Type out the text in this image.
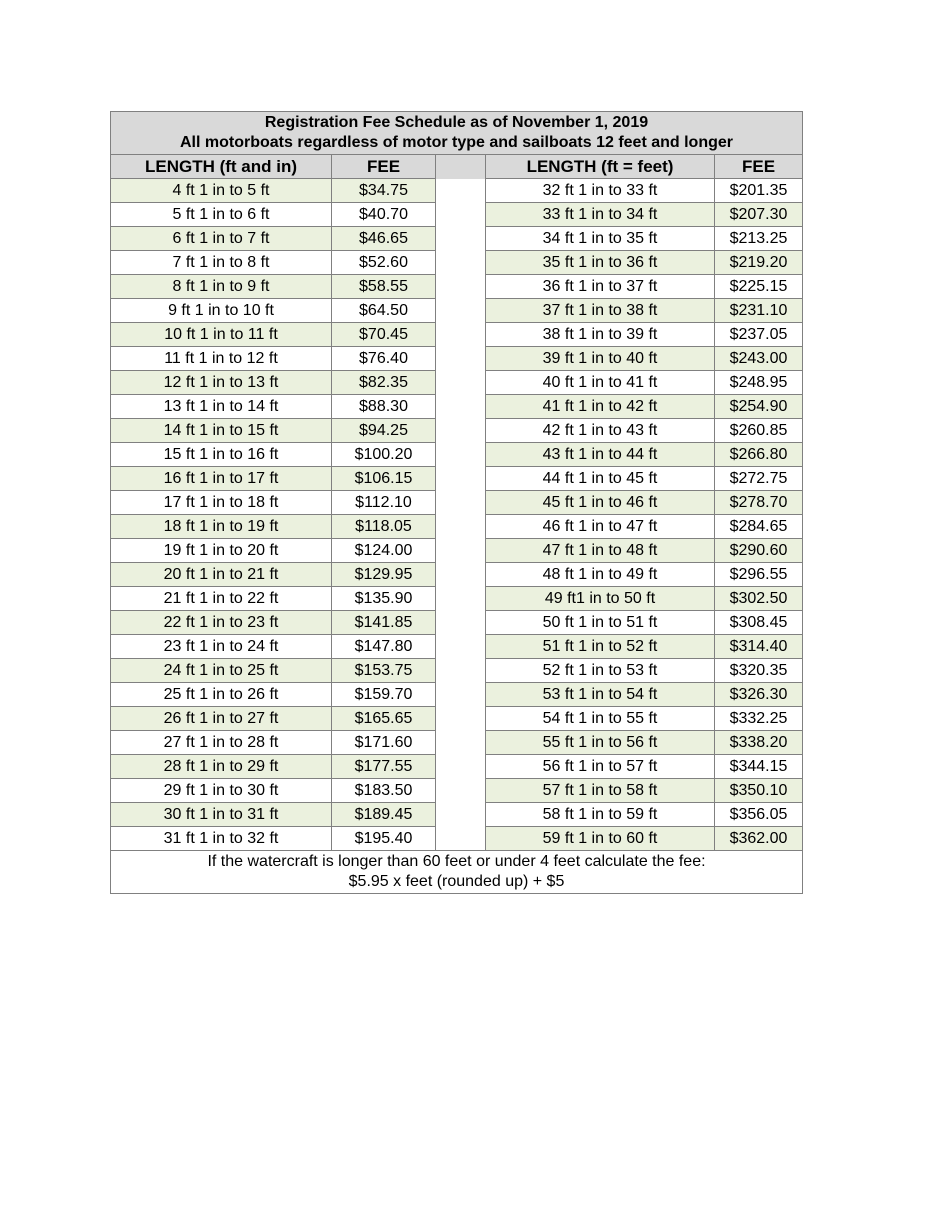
Registration Fee Schedule as of November 1, 2019
All motorboats regardless of motor type and sailboats 12 feet and longer				

LENGTH (ft and in)	FEE		LENGTH (ft = feet)	FEE
4 ft 1 in to 5 ft	$34.75		32 ft 1 in to 33 ft	$201.35
5 ft 1 in to 6 ft	$40.70		33 ft 1 in to 34 ft	$207.30
6 ft 1 in to 7 ft	$46.65		34 ft 1 in to 35 ft	$213.25
7 ft 1 in to 8 ft	$52.60		35 ft 1 in to 36 ft	$219.20
8 ft 1 in to 9 ft	$58.55		36 ft 1 in to 37 ft	$225.15
9 ft 1 in to 10 ft	$64.50		37 ft 1 in to 38 ft	$231.10
10 ft 1 in to 11 ft	$70.45		38 ft 1 in to 39 ft	$237.05
11 ft 1 in to 12 ft	$76.40		39 ft 1 in to 40 ft	$243.00
12 ft 1 in to 13 ft	$82.35		40 ft 1 in to 41 ft	$248.95
13 ft 1 in to 14 ft	$88.30		41 ft 1 in to 42 ft	$254.90
14 ft 1 in to 15 ft	$94.25		42 ft 1 in to 43 ft	$260.85
15 ft 1 in to 16 ft	$100.20		43 ft 1 in to 44 ft	$266.80
16 ft 1 in to 17 ft	$106.15		44 ft 1 in to 45 ft	$272.75
17 ft 1 in to 18 ft	$112.10		45 ft 1 in to 46 ft	$278.70
18 ft 1 in to 19 ft	$118.05		46 ft 1 in to 47 ft	$284.65
19 ft 1 in to 20 ft	$124.00		47 ft 1 in to 48 ft	$290.60
20 ft 1 in to 21 ft	$129.95		48 ft 1 in to 49 ft	$296.55
21 ft 1 in to 22 ft	$135.90		49 ft1 in to 50 ft	$302.50
22 ft 1 in to 23 ft	$141.85		50 ft 1 in to 51 ft	$308.45
23 ft 1 in to 24 ft	$147.80		51 ft 1 in to 52 ft	$314.40
24 ft 1 in to 25 ft	$153.75		52 ft 1 in to 53 ft	$320.35
25 ft 1 in to 26 ft	$159.70		53 ft 1 in to 54 ft	$326.30
26 ft 1 in to 27 ft	$165.65		54 ft 1 in to 55 ft	$332.25
27 ft 1 in to 28 ft	$171.60		55 ft 1 in to 56 ft	$338.20
28 ft 1 in to 29 ft	$177.55		56 ft 1 in to 57 ft	$344.15
29 ft 1 in to 30 ft	$183.50		57 ft 1 in to 58 ft	$350.10
30 ft 1 in to 31 ft	$189.45		58 ft 1 in to 59 ft	$356.05
31 ft 1 in to 32 ft	$195.40		59 ft 1 in to 60 ft	$362.00

If the watercraft is longer than 60 feet or under 4 feet calculate the fee:
$5.95 x feet (rounded up) + $5				
